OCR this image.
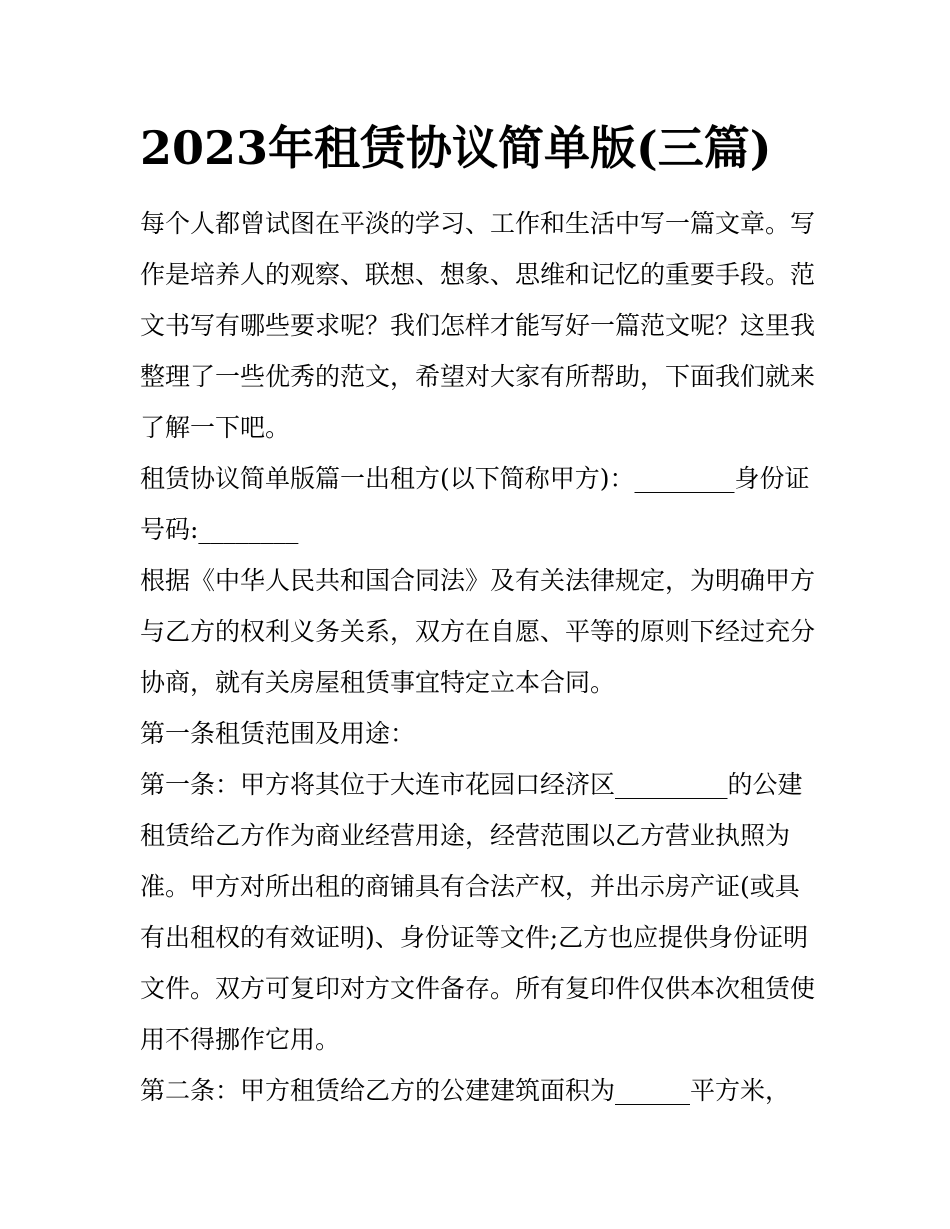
2023年租赁协议简单版(三篇)

每个人都曾试图在平淡的学习、工作和生活中写一篇文章。写作是培养人的观察、联想、想象、思维和记忆的重要手段。范文书写有哪些要求呢？我们怎样才能写好一篇范文呢？这里我整理了一些优秀的范文，希望对大家有所帮助，下面我们就来了解一下吧。

租赁协议简单版篇一出租方(以下简称甲方)：________身份证号码:________

根据《中华人民共和国合同法》及有关法律规定，为明确甲方与乙方的权利义务关系，双方在自愿、平等的原则下经过充分协商，就有关房屋租赁事宜特定立本合同。

第一条租赁范围及用途：

第一条：甲方将其位于大连市花园口经济区_________的公建租赁给乙方作为商业经营用途，经营范围以乙方营业执照为准。甲方对所出租的商铺具有合法产权，并出示房产证(或具有出租权的有效证明)、身份证等文件;乙方也应提供身份证明文件。双方可复印对方文件备存。所有复印件仅供本次租赁使用不得挪作它用。

第二条：甲方租赁给乙方的公建建筑面积为______平方米，
